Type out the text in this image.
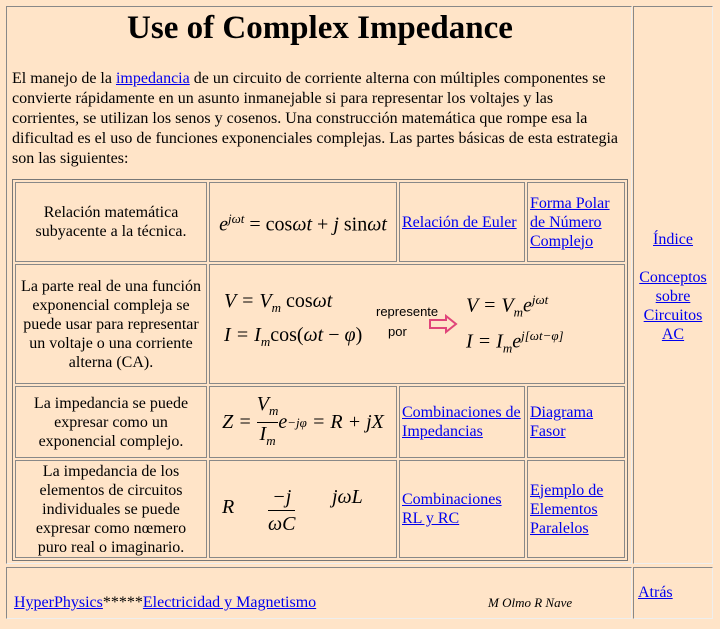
Use of Complex Impedance

El manejo de la impedancia de un circuito de corriente alterna con múltiples componentes se convierte rápidamente en un asunto inmanejable si para representar los voltajes y las corrientes, se utilizan los senos y cosenos. Una construcción matemática que rompe esa la dificultad es el uso de funciones exponenciales complejas. Las partes básicas de esta estrategia son las siguientes:

Relación matemática subyacente a la técnica.	$e^{j\omega t} = \cos\omega t + j$ sinωt Relación de Euler
Forma Polar de Número Complejo
La parte real de una función exponencial compleja se puede usar para representar un voltaje o una corriente alterna (CA).
$V = V_m$ cosωt
$I = I_m\cos(\omega t - \varphi)$
represente
por
$V = V_me^{j\omega t}$
$I = I_me^{j[\omega t-\varphi]}$
La impedancia se puede expresar como un exponencial complejo.
Z =
$V_m$
$I_m$
e −jφ = R + jX Combinaciones de Impedancias
Diagrama Fasor
La impedancia de los elementos de circuitos individuales se puede expresar como nœmero puro real o imaginario.
R −j
ωC
jωL Combinaciones RL y RC
Ejemplo de Elementos Paralelos
Índice
Conceptos sobre Circuitos AC
HyperPhysics*****Electricidad y Magnetismo	M Olmo R Nave
Atrás
